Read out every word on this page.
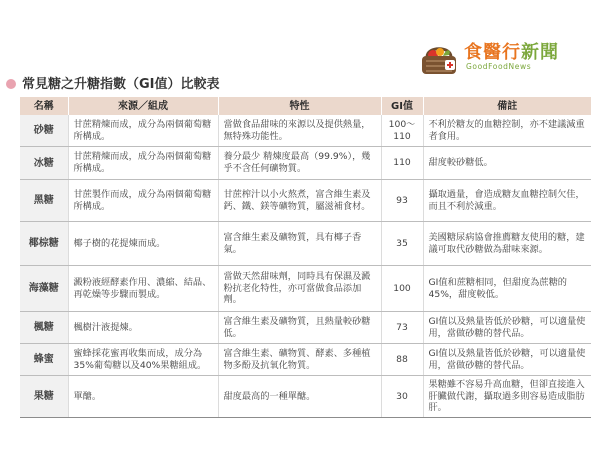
食醫行新聞
GoodFoodNews
常見糖之升糖指數（GI值）比較表
名稱	來源／組成	特性	GI值	備註
砂糖	甘蔗精煉而成，成分為兩個葡萄糖所構成。	當做食品甜味的來源以及提供熱量，無特殊功能性。	100～110	不利於糖友的血糖控制，亦不建議減重者食用。
冰糖	甘蔗精煉而成，成分為兩個葡萄糖所構成。	養分最少 精煉度最高（99.9%），幾乎不含任何礦物質。	110	甜度較砂糖低。
黑糖	甘蔗製作而成，成分為兩個葡萄糖所構成。	甘蔗榨汁以小火熬煮，富含維生素及鈣、鐵、鎂等礦物質，屬滋補食材。	93	攝取過量，會造成糖友血糖控制欠佳，而且不利於減重。
椰棕糖	椰子樹的花提煉而成。	富含維生素及礦物質，具有椰子香氣。	35	美國糖尿病協會推薦糖友使用的糖，建議可取代砂糖做為甜味來源。
海藻糖	澱粉液經酵素作用、濃縮、結晶、再乾燥等步驟而製成。	當做天然甜味劑，同時具有保濕及澱粉抗老化特性，亦可當做食品添加劑。	100	GI值和蔗糖相同，但甜度為蔗糖的45%，甜度較低。
楓糖	楓樹汁液提煉。	富含維生素及礦物質，且熱量較砂糖低。	73	GI值以及熱量皆低於砂糖，可以適量使用，當做砂糖的替代品。
蜂蜜	蜜蜂採花蜜再收集而成，成分為35%葡萄糖以及40%果糖組成。	富含維生素、礦物質、酵素、多種植物多酚及抗氧化物質。	88	GI值以及熱量皆低於砂糖，可以適量使用，當做砂糖的替代品。
果糖	單醣。	甜度最高的一種單醣。	30	果糖雖不容易升高血糖，但卻直接進入肝臟做代謝，攝取過多則容易造成脂肪肝。
